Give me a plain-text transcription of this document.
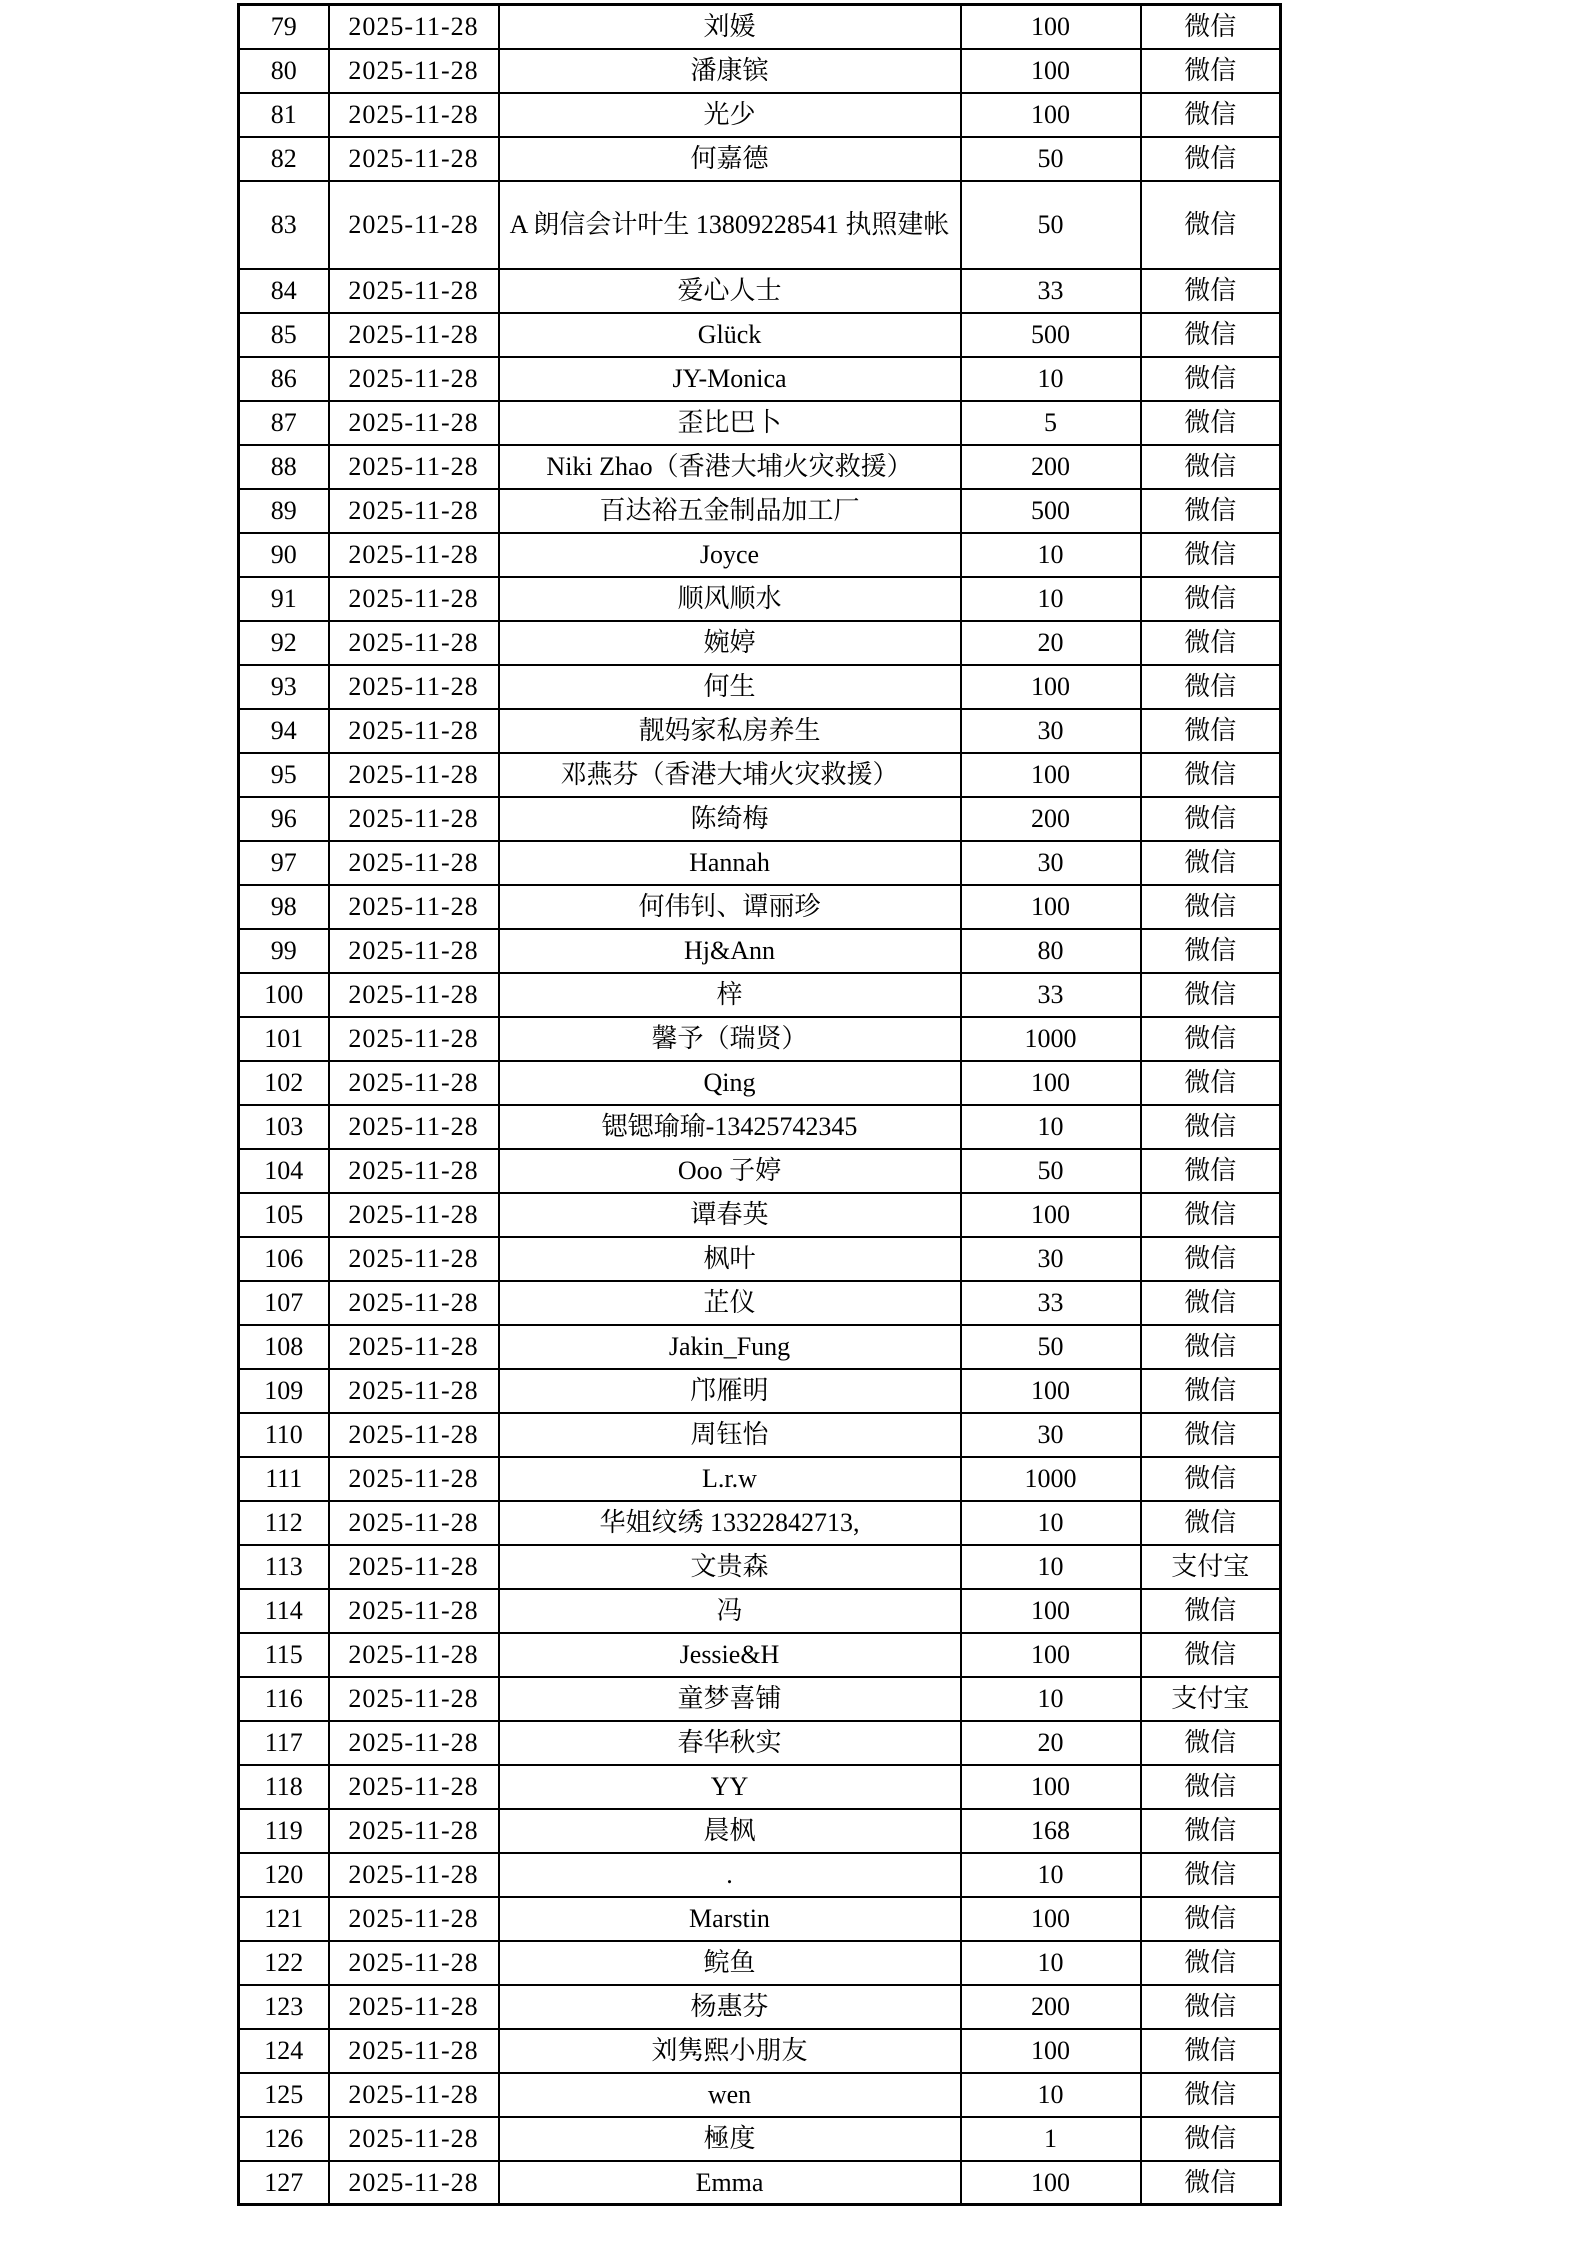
79	2025-11-28	刘媛	100	微信
80	2025-11-28	潘康镔	100	微信
81	2025-11-28	光少	100	微信
82	2025-11-28	何嘉德	50	微信
83	2025-11-28	A 朗信会计叶生 13809228541 执照建帐	50	微信
84	2025-11-28	爱心人士	33	微信
85	2025-11-28	Glück	500	微信
86	2025-11-28	JY-Monica	10	微信
87	2025-11-28	歪比巴卜	5	微信
88	2025-11-28	Niki Zhao（香港大埔火灾救援）	200	微信
89	2025-11-28	百达裕五金制品加工厂	500	微信
90	2025-11-28	Joyce	10	微信
91	2025-11-28	顺风顺水	10	微信
92	2025-11-28	婉婷	20	微信
93	2025-11-28	何生	100	微信
94	2025-11-28	靓妈家私房养生	30	微信
95	2025-11-28	邓燕芬（香港大埔火灾救援）	100	微信
96	2025-11-28	陈绮梅	200	微信
97	2025-11-28	Hannah	30	微信
98	2025-11-28	何伟钊、谭丽珍	100	微信
99	2025-11-28	Hj&Ann	80	微信
100	2025-11-28	梓	33	微信
101	2025-11-28	馨予（瑞贤）	1000	微信
102	2025-11-28	Qing	100	微信
103	2025-11-28	锶锶瑜瑜-13425742345	10	微信
104	2025-11-28	Ooo 子婷	50	微信
105	2025-11-28	谭春英	100	微信
106	2025-11-28	枫叶	30	微信
107	2025-11-28	芷仪	33	微信
108	2025-11-28	Jakin_Fung	50	微信
109	2025-11-28	邝雁明	100	微信
110	2025-11-28	周钰怡	30	微信
111	2025-11-28	L.r.w	1000	微信
112	2025-11-28	华姐纹绣 13322842713,	10	微信
113	2025-11-28	文贵森	10	支付宝
114	2025-11-28	冯	100	微信
115	2025-11-28	Jessie&H	100	微信
116	2025-11-28	童梦喜铺	10	支付宝
117	2025-11-28	春华秋实	20	微信
118	2025-11-28	YY	100	微信
119	2025-11-28	晨枫	168	微信
120	2025-11-28	.	10	微信
121	2025-11-28	Marstin	100	微信
122	2025-11-28	鲩鱼	10	微信
123	2025-11-28	杨惠芬	200	微信
124	2025-11-28	刘隽熙小朋友	100	微信
125	2025-11-28	wen	10	微信
126	2025-11-28	極度	1	微信
127	2025-11-28	Emma	100	微信
